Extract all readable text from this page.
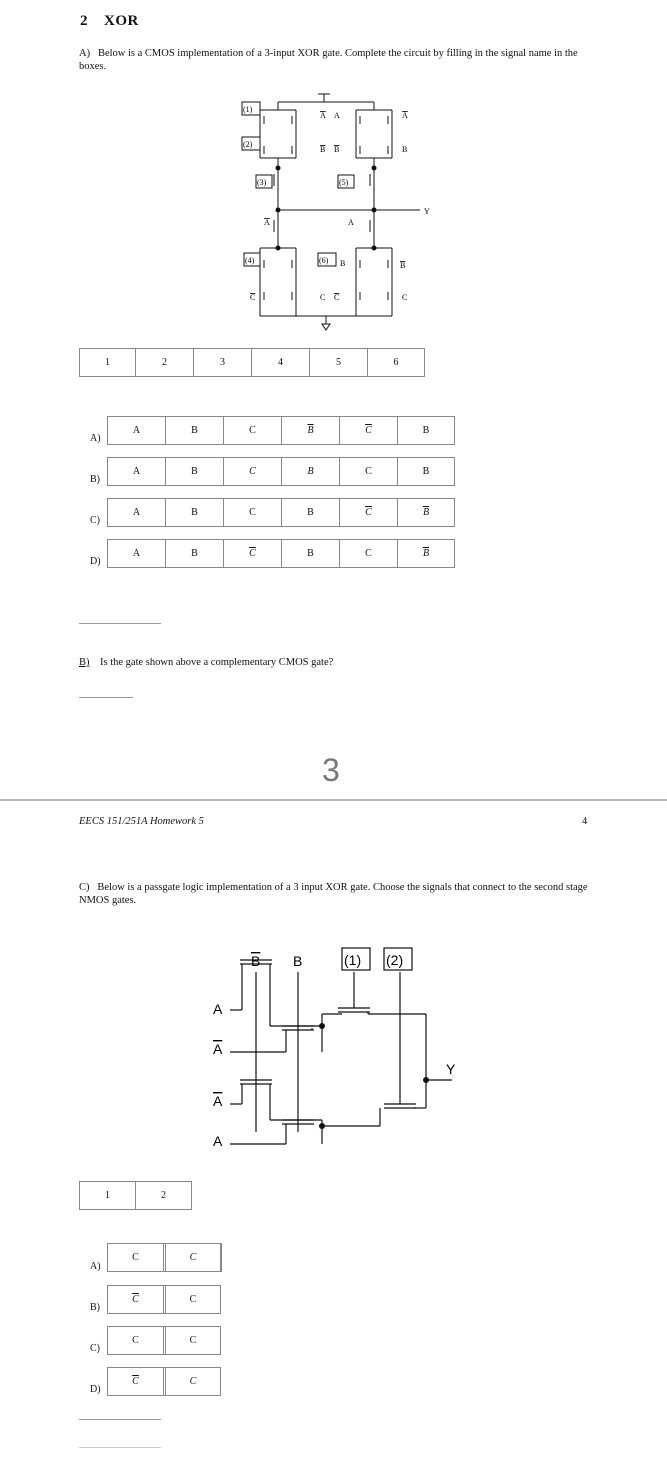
2 XOR
A) Below is a CMOS implementation of a 3-input XOR gate. Complete the circuit by filling in the signal name in the boxes.
(1)
(2)
(3)	(5)
(4)	(6)
Y
A A	A
B B	B
A	A
B	B
C	C C	C
1	2	3	4	5	6
A)
A	B	C	$\overline{B}$	$\overline{C}$	B
B)
A	B	C	B	C	B
C)
A	B	C	B	$\overline{C}$	$\overline{B}$
D)
A	B	$\overline{C}$	B	C	$\overline{B}$
B) Is the gate shown above a complementary CMOS gate?
3
EECS 151/251A Homework 5	4
C) Below is a passgate logic implementation of a 3 input XOR gate. Choose the signals that connect to the second stage NMOS gates.
B B	(1) (2)
A
A
A
A
Y
1	2
A)
C	C
B)
$\overline{C}$	C
C)
C	C
D)
$\overline{C}$	C
